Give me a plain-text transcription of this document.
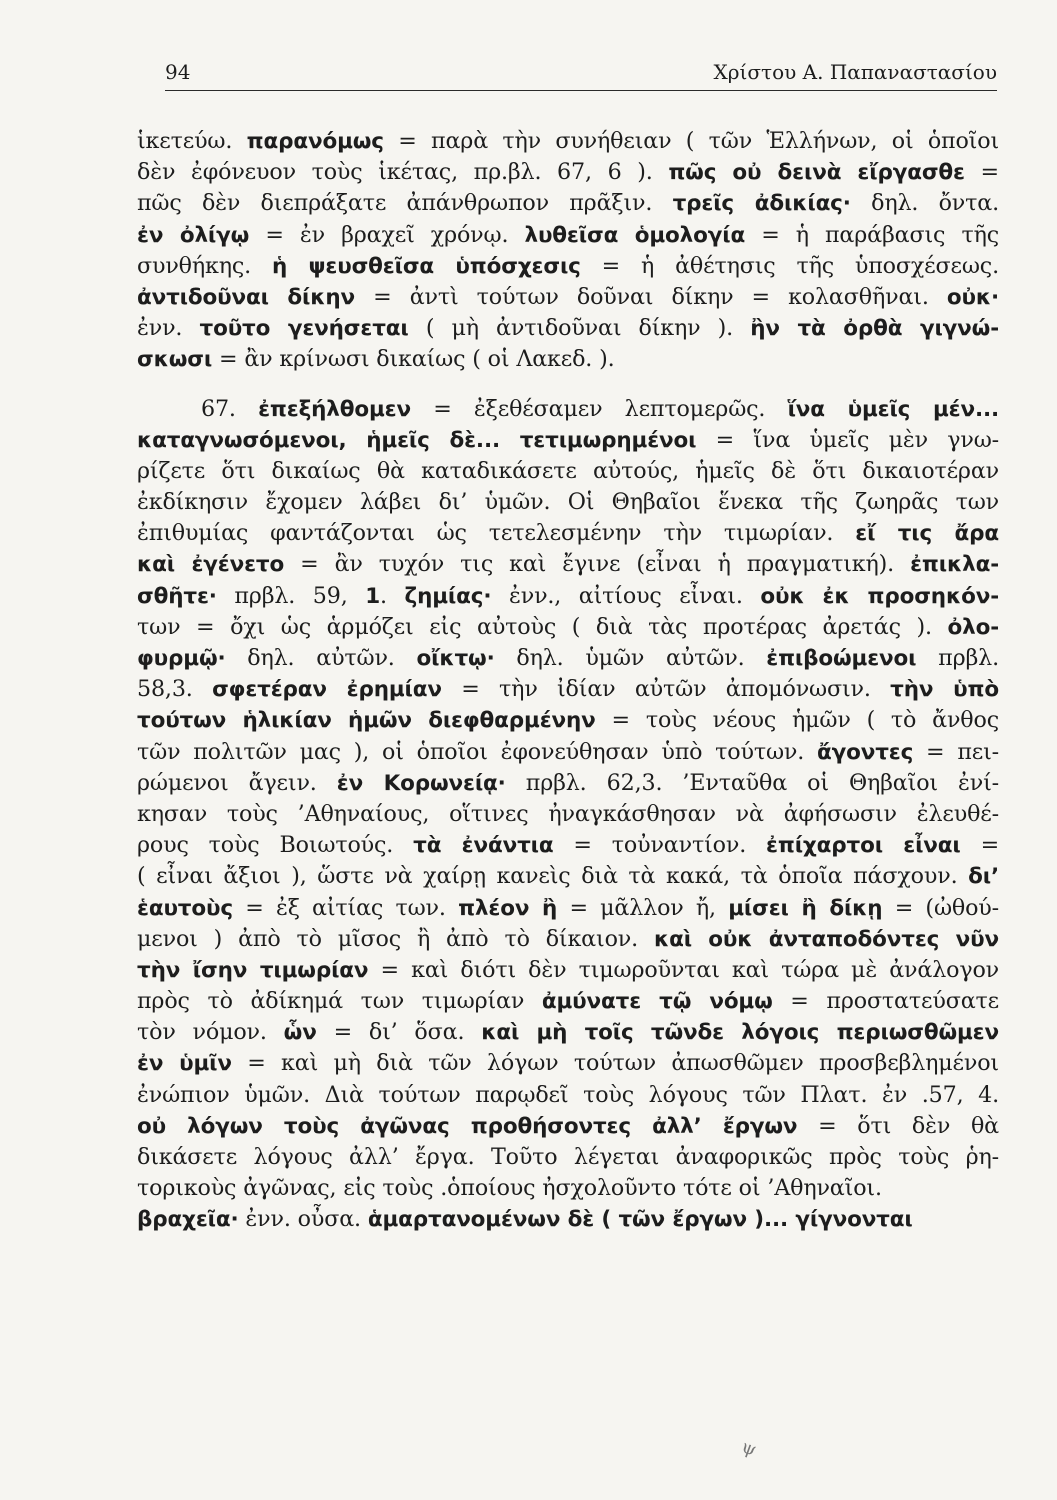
94	Χρίστου Α. Παπαναστασίου
ἱκετεύω. παρανόμως = παρὰ τὴν συνήθειαν ( τῶν Ἑλλήνων, οἱ ὁποῖοι
δὲν ἐφόνευον τοὺς ἱκέτας, πρ.βλ. 67, 6 ). πῶς οὐ δεινὰ εἴργασθε =
πῶς δὲν διεπράξατε ἀπάνθρωπον πρᾶξιν. τρεῖς ἀδικίας· δηλ. ὄντα.
ἐν ὀλίγῳ = ἐν βραχεῖ χρόνῳ. λυθεῖσα ὁμολογία = ἡ παράβασις τῆς
συνθήκης. ἡ ψευσθεῖσα ὑπόσχεσις = ἡ ἀθέτησις τῆς ὑποσχέσεως.
ἀντιδοῦναι δίκην = ἀντὶ τούτων δοῦναι δίκην = κολασθῆναι. οὐκ·
ἐνν. τοῦτο γενήσεται ( μὴ ἀντιδοῦναι δίκην ). ἢν τὰ ὀρθὰ γιγνώ-
σκωσι = ἂν κρίνωσι δικαίως ( οἱ Λακεδ. ).
67. ἐπεξήλθομεν = ἐξεθέσαμεν λεπτομερῶς. ἵνα ὑμεῖς μέν...
καταγνωσόμενοι, ἡμεῖς δὲ... τετιμωρημένοι = ἵνα ὑμεῖς μὲν γνω-
ρίζετε ὅτι δικαίως θὰ καταδικάσετε αὐτούς, ἡμεῖς δὲ ὅτι δικαιοτέραν
ἐκδίκησιν ἔχομεν λάβει δι’ ὑμῶν. Οἱ Θηβαῖοι ἕνεκα τῆς ζωηρᾶς των
ἐπιθυμίας φαντάζονται ὡς τετελεσμένην τὴν τιμωρίαν. εἴ τις ἄρα
καὶ ἐγένετο = ἂν τυχόν τις καὶ ἔγινε (εἶναι ἡ πραγματική). ἐπικλα-
σθῆτε· πρβλ. 59, 1. ζημίας· ἐνν., αἰτίους εἶναι. οὐκ ἐκ προσηκόν-
των = ὄχι ὡς ἁρμόζει εἰς αὐτοὺς ( διὰ τὰς προτέρας ἀρετάς ). ὀλο-
φυρμῷ· δηλ. αὐτῶν. οἴκτῳ· δηλ. ὑμῶν αὐτῶν. ἐπιβοώμενοι πρβλ.
58,3. σφετέραν ἐρημίαν = τὴν ἰδίαν αὐτῶν ἀπομόνωσιν. τὴν ὑπὸ
τούτων ἡλικίαν ἡμῶν διεφθαρμένην = τοὺς νέους ἡμῶν ( τὸ ἄνθος
τῶν πολιτῶν μας ), οἱ ὁποῖοι ἐφονεύθησαν ὑπὸ τούτων. ἄγοντες = πει-
ρώμενοι ἄγειν. ἐν Κορωνείᾳ· πρβλ. 62,3. ’Ενταῦθα οἱ Θηβαῖοι ἐνί-
κησαν τοὺς ’Αθηναίους, οἵτινες ἠναγκάσθησαν νὰ ἀφήσωσιν ἐλευθέ-
ρους τοὺς Βοιωτούς. τὰ ἐνάντια = τοὐναντίον. ἐπίχαρτοι εἶναι =
( εἶναι ἄξιοι ), ὥστε νὰ χαίρῃ κανεὶς διὰ τὰ κακά, τὰ ὁποῖα πάσχουν. δι’
ἑαυτοὺς = ἐξ αἰτίας των. πλέον ἢ = μᾶλλον ἤ, μίσει ἢ δίκῃ = (ὠθού-
μενοι ) ἀπὸ τὸ μῖσος ἢ ἀπὸ τὸ δίκαιον. καὶ οὐκ ἀνταποδόντες νῦν
τὴν ἴσην τιμωρίαν = καὶ διότι δὲν τιμωροῦνται καὶ τώρα μὲ ἀνάλογον
πρὸς τὸ ἀδίκημά των τιμωρίαν ἀμύνατε τῷ νόμῳ = προστατεύσατε
τὸν νόμον. ὧν = δι’ ὅσα. καὶ μὴ τοῖς τῶνδε λόγοις περιωσθῶμεν
ἐν ὑμῖν = καὶ μὴ διὰ τῶν λόγων τούτων ἀπωσθῶμεν προσβεβλημένοι
ἐνώπιον ὑμῶν. Διὰ τούτων παρῳδεῖ τοὺς λόγους τῶν Πλατ. ἐν .57, 4.
οὐ λόγων τοὺς ἀγῶνας προθήσοντες ἀλλ’ ἔργων = ὅτι δὲν θὰ
δικάσετε λόγους ἀλλ’ ἔργα. Τοῦτο λέγεται ἀναφορικῶς πρὸς τοὺς ῥη-
τορικοὺς ἀγῶνας, εἰς τοὺς .ὁποίους ἠσχολοῦντο τότε οἱ ’Αθηναῖοι.
βραχεῖα· ἐνν. οὖσα. ἁμαρτανομένων δὲ ( τῶν ἔργων )... γίγνονται
ψ
